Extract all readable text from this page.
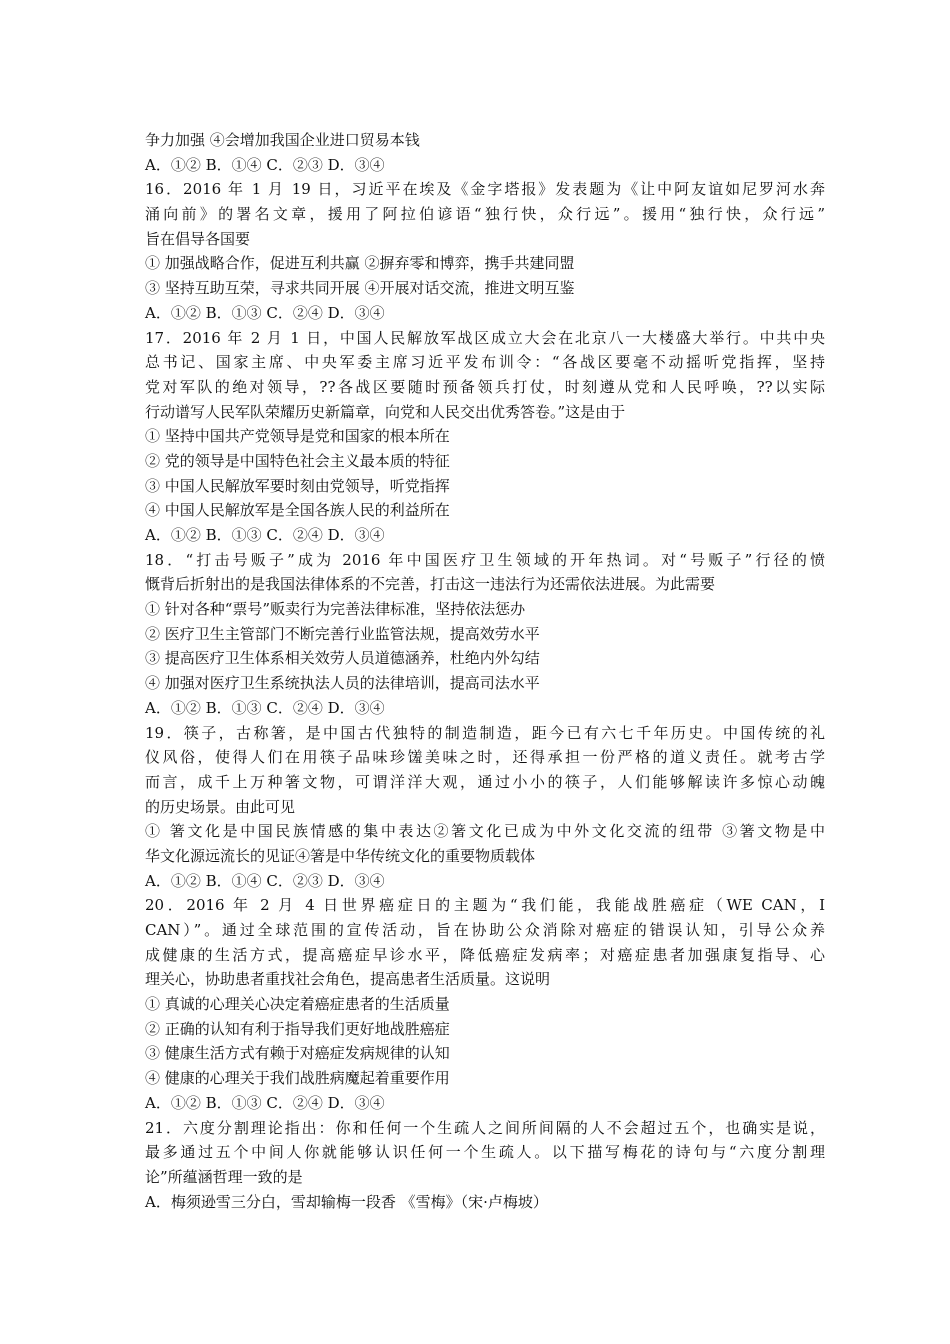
争力加强 ④会增加我国企业进口贸易本钱
A．①② B．①④ C．②③ D．③④
16．2016 年 1 月 19 日，习近平在埃及《金字塔报》发表题为《让中阿友谊如尼罗河水奔
涌向前》的署名文章，援用了阿拉伯谚语“独行快，众行远”。援用“独行快，众行远”
旨在倡导各国要
① 加强战略合作，促进互利共赢 ②摒弃零和博弈，携手共建同盟
③ 坚持互助互荣，寻求共同开展 ④开展对话交流，推进文明互鉴
A．①② B．①③ C．②④ D．③④
17．2016 年 2 月 1 日，中国人民解放军战区成立大会在北京八一大楼盛大举行。中共中央
总书记、国家主席、中央军委主席习近平发布训令：“各战区要毫不动摇听党指挥，坚持
党对军队的绝对领导，??各战区要随时预备领兵打仗，时刻遵从党和人民呼唤，??以实际
行动谱写人民军队荣耀历史新篇章，向党和人民交出优秀答卷。”这是由于
① 坚持中国共产党领导是党和国家的根本所在
② 党的领导是中国特色社会主义最本质的特征
③ 中国人民解放军要时刻由党领导，听党指挥
④ 中国人民解放军是全国各族人民的利益所在
A．①② B．①③ C．②④ D．③④
18．“打击号贩子”成为 2016 年中国医疗卫生领域的开年热词。对“号贩子”行径的愤
慨背后折射出的是我国法律体系的不完善，打击这一违法行为还需依法进展。为此需要
① 针对各种“票号”贩卖行为完善法律标准，坚持依法惩办
② 医疗卫生主管部门不断完善行业监管法规，提高效劳水平
③ 提高医疗卫生体系相关效劳人员道德涵养，杜绝内外勾结
④ 加强对医疗卫生系统执法人员的法律培训，提高司法水平
A．①② B．①③ C．②④ D．③④
19．筷子，古称箸，是中国古代独特的制造制造，距今已有六七千年历史。中国传统的礼
仪风俗，使得人们在用筷子品味珍馐美味之时，还得承担一份严格的道义责任。就考古学
而言，成千上万种箸文物，可谓洋洋大观，通过小小的筷子，人们能够解读许多惊心动魄
的历史场景。由此可见
① 箸文化是中国民族情感的集中表达②箸文化已成为中外文化交流的纽带 ③箸文物是中
华文化源远流长的见证④箸是中华传统文化的重要物质载体
A．①② B．①④ C．②③ D．③④
20．2016 年 2 月 4 日世界癌症日的主题为“我们能，我能战胜癌症（WE CAN，I
CAN）”。通过全球范围的宣传活动，旨在协助公众消除对癌症的错误认知，引导公众养
成健康的生活方式，提高癌症早诊水平，降低癌症发病率；对癌症患者加强康复指导、心
理关心，协助患者重找社会角色，提高患者生活质量。这说明
① 真诚的心理关心决定着癌症患者的生活质量
② 正确的认知有利于指导我们更好地战胜癌症
③ 健康生活方式有赖于对癌症发病规律的认知
④ 健康的心理关于我们战胜病魔起着重要作用
A．①② B．①③ C．②④ D．③④
21．六度分割理论指出：你和任何一个生疏人之间所间隔的人不会超过五个，也确实是说，
最多通过五个中间人你就能够认识任何一个生疏人。以下描写梅花的诗句与“六度分割理
论”所蕴涵哲理一致的是
A．梅须逊雪三分白，雪却输梅一段香 《雪梅》（宋·卢梅坡）
